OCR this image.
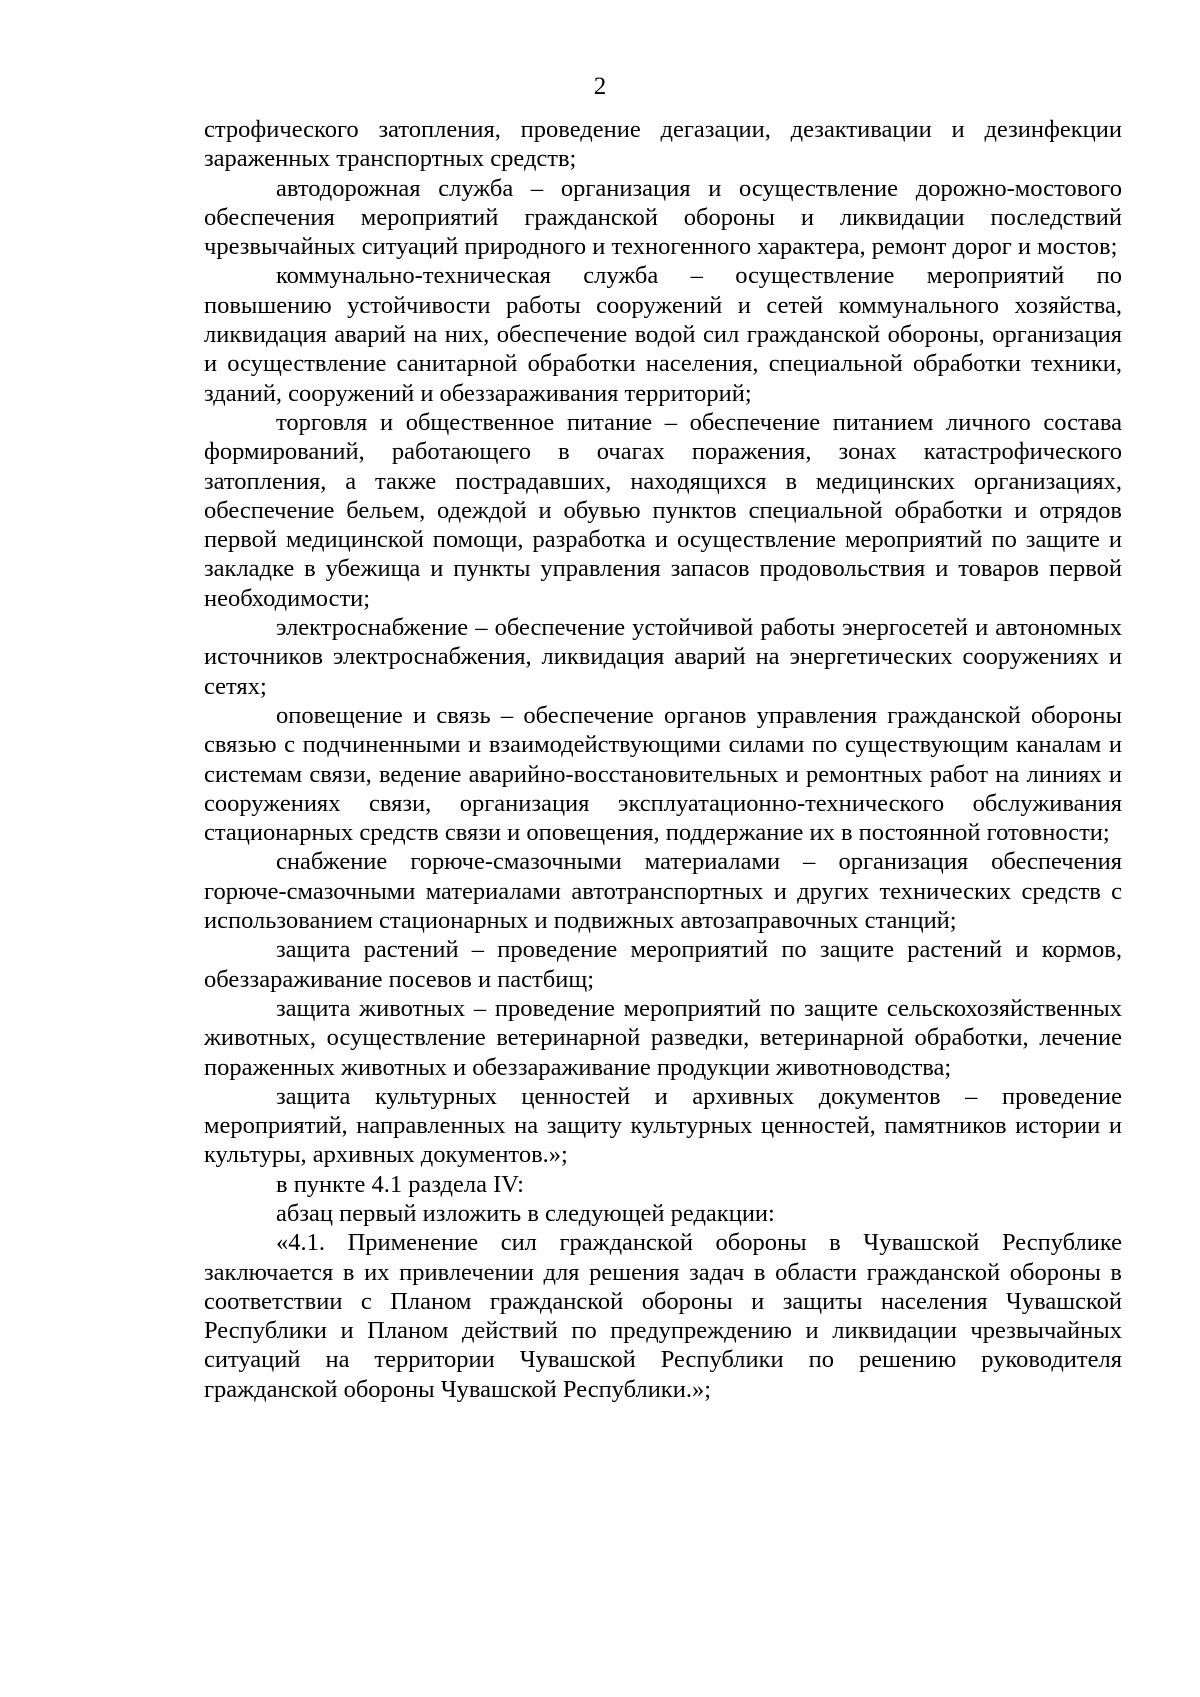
2

строфического затопления, проведение дегазации, дезактивации и дезинфекции зараженных транспортных средств;

автодорожная служба – организация и осуществление дорожно-мостового обеспечения мероприятий гражданской обороны и ликвидации последствий чрезвычайных ситуаций природного и техногенного характера, ремонт дорог и мостов;

коммунально-техническая служба – осуществление мероприятий по повышению устойчивости работы сооружений и сетей коммунального хозяйства, ликвидация аварий на них, обеспечение водой сил гражданской обороны, организация и осуществление санитарной обработки населения, специальной обработки техники, зданий, сооружений и обеззараживания территорий;

торговля и общественное питание – обеспечение питанием личного состава формирований, работающего в очагах поражения, зонах катастрофического затопления, а также пострадавших, находящихся в медицинских организациях, обеспечение бельем, одеждой и обувью пунктов специальной обработки и отрядов первой медицинской помощи, разработка и осуществление мероприятий по защите и закладке в убежища и пункты управления запасов продовольствия и товаров первой необходимости;

электроснабжение – обеспечение устойчивой работы энергосетей и автономных источников электроснабжения, ликвидация аварий на энергетических сооружениях и сетях;

оповещение и связь – обеспечение органов управления гражданской обороны связью с подчиненными и взаимодействующими силами по существующим каналам и системам связи, ведение аварийно-восстановительных и ремонтных работ на линиях и сооружениях связи, организация эксплуатационно-технического обслуживания стационарных средств связи и оповещения, поддержание их в постоянной готовности;

снабжение горюче-смазочными материалами – организация обеспечения горюче-смазочными материалами автотранспортных и других технических средств с использованием стационарных и подвижных автозаправочных станций;

защита растений – проведение мероприятий по защите растений и кормов, обеззараживание посевов и пастбищ;

защита животных – проведение мероприятий по защите сельскохозяйственных животных, осуществление ветеринарной разведки, ветеринарной обработки, лечение пораженных животных и обеззараживание продукции животноводства;

защита культурных ценностей и архивных документов – проведение мероприятий, направленных на защиту культурных ценностей, памятников истории и культуры, архивных документов.»;

в пункте 4.1 раздела IV:

абзац первый изложить в следующей редакции:

«4.1. Применение сил гражданской обороны в Чувашской Республике заключается в их привлечении для решения задач в области гражданской обороны в соответствии с Планом гражданской обороны и защиты населения Чувашской Республики и Планом действий по предупреждению и ликвидации чрезвычайных ситуаций на территории Чувашской Республики по решению руководителя гражданской обороны Чувашской Республики.»;
